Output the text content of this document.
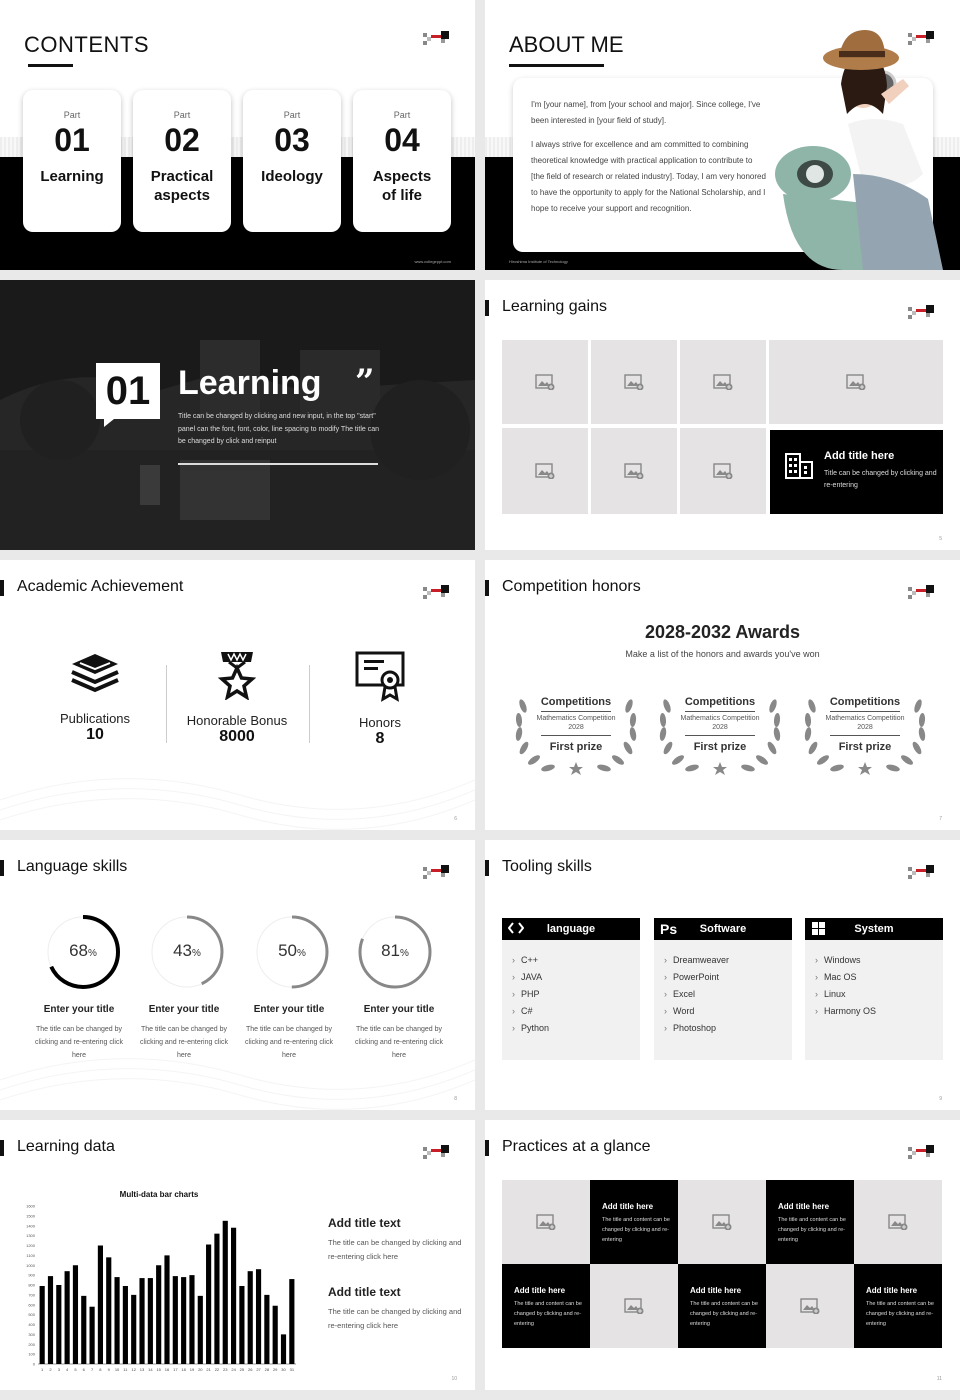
CONTENTS
Part
01
Learning
Part
02
Practical
aspects
Part
03
Ideology
Part
04
Aspects
of life
www.collegeppt.com
ABOUT ME

I'm [your name], from [your school and major]. Since college, I've been interested in [your field of study].

I always strive for excellence and am committed to combining theoretical knowledge with practical application to contribute to [the field of research or related industry]. Today, I am very honored to have the opportunity to apply for the National Scholarship, and I hope to receive your support and recognition.

Hiroshima Institute of Technology
01 Learning ”
Title can be changed by clicking and new input, in the top "start" panel can the font, font, color, line spacing to modify The title can be changed by click and reinput
Learning gains
Add title here
Title can be changed by clicking and re-entering
5
Academic Achievement
Publications
10
Honorable Bonus
8000
Honors
8
6
Competition honors
2028-2032 Awards
Make a list of the honors and awards you've won
Competitions
Mathematics Competition
2028
First prize
Competitions
Mathematics Competition
2028
First prize
Competitions
Mathematics Competition
2028
First prize
7
Language skills
68%	43%	50%	81%
Enter your title
The title can be changed by clicking and re-entering click here
Enter your title
The title can be changed by clicking and re-entering click here
Enter your title
The title can be changed by clicking and re-entering click here
Enter your title
The title can be changed by clicking and re-entering click here
8
Tooling skills
language
› C++
› JAVA
› PHP
› C#
› Python
Ps	Software
› Dreamweaver
› PowerPoint
› Excel
› Word
› Photoshop
System
› Windows
› Mac OS
› Linux
› Harmony OS
9
Learning data
Multi-data bar charts
0
100
200
300
400
500
600
700
800
900
1000
1100
1200
1300
1400
1500
1600
1 2 3 4 5 6 7 8 9 10 11 12 13 14 15 16 17 18 19 20 21 22 23 24 25 26 27 28 29 30 31
Add title text
The title can be changed by clicking and re-entering click here
Add title text
The title can be changed by clicking and re-entering click here
10
Practices at a glance
Add title here
The title and content can be changed by clicking and re-entering
Add title here
The title and content can be changed by clicking and re-entering
Add title here
The title and content can be changed by clicking and re-entering
Add title here
The title and content can be changed by clicking and re-entering
Add title here
The title and content can be changed by clicking and re-entering
11
